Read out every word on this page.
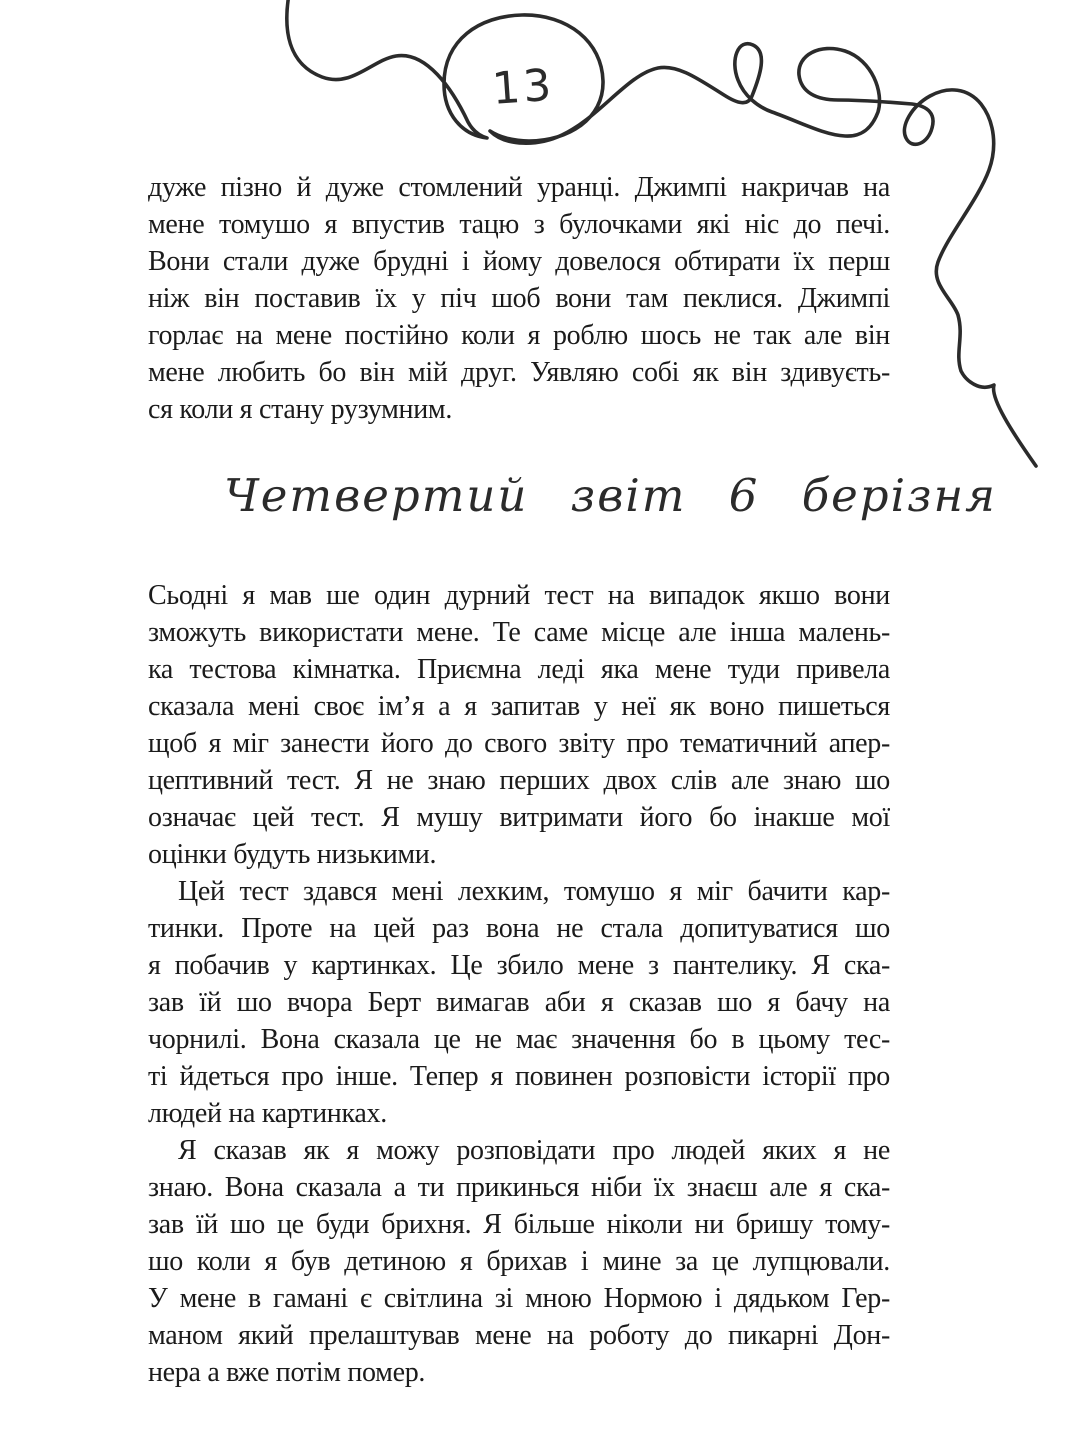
13
дуже пізно й дуже стомлений уранці. Джимпі накричав на
мене томушо я впустив тацю з булочками які ніс до печі.
Вони стали дуже брудні і йому довелося обтирати їх перш
ніж він поставив їх у піч шоб вони там пеклися. Джимпі
горлає на мене постійно коли я роблю шось не так але він
мене любить бо він мій друг. Уявляю собі як він здивуєть-
ся коли я стану рузумним.
Четвертий звіт 6 берізня
Сьодні я мав ше один дурний тест на випадок якшо вони
зможуть використати мене. Те саме місце але інша малень-
ка тестова кімнатка. Приємна леді яка мене туди привела
сказала мені своє ім’я а я запитав у неї як воно пишеться
щоб я міг занести його до свого звіту про тематичний апер-
цептивний тест. Я не знаю перших двох слів але знаю шо
означає цей тест. Я мушу витримати його бо інакше мої
оцінки будуть низькими.
Цей тест здався мені лехким, томушо я міг бачити кар-
тинки. Проте на цей раз вона не стала допитуватися шо
я побачив у картинках. Це збило мене з пантелику. Я ска-
зав їй шо вчора Берт вимагав аби я сказав шо я бачу на
чорнилі. Вона сказала це не має значення бо в цьому тес-
ті йдеться про інше. Тепер я повинен розповісти історії про
людей на картинках.
Я сказав як я можу розповідати про людей яких я не
знаю. Вона сказала а ти прикинься ніби їх знаєш але я ска-
зав їй шо це буди брихня. Я більше ніколи ни бришу тому-
шо коли я був детиною я брихав і мине за це лупцювали.
У мене в гамані є світлина зі мною Нормою і дядьком Гер-
маном який прелаштував мене на роботу до пикарні Дон-
нера а вже потім помер.
